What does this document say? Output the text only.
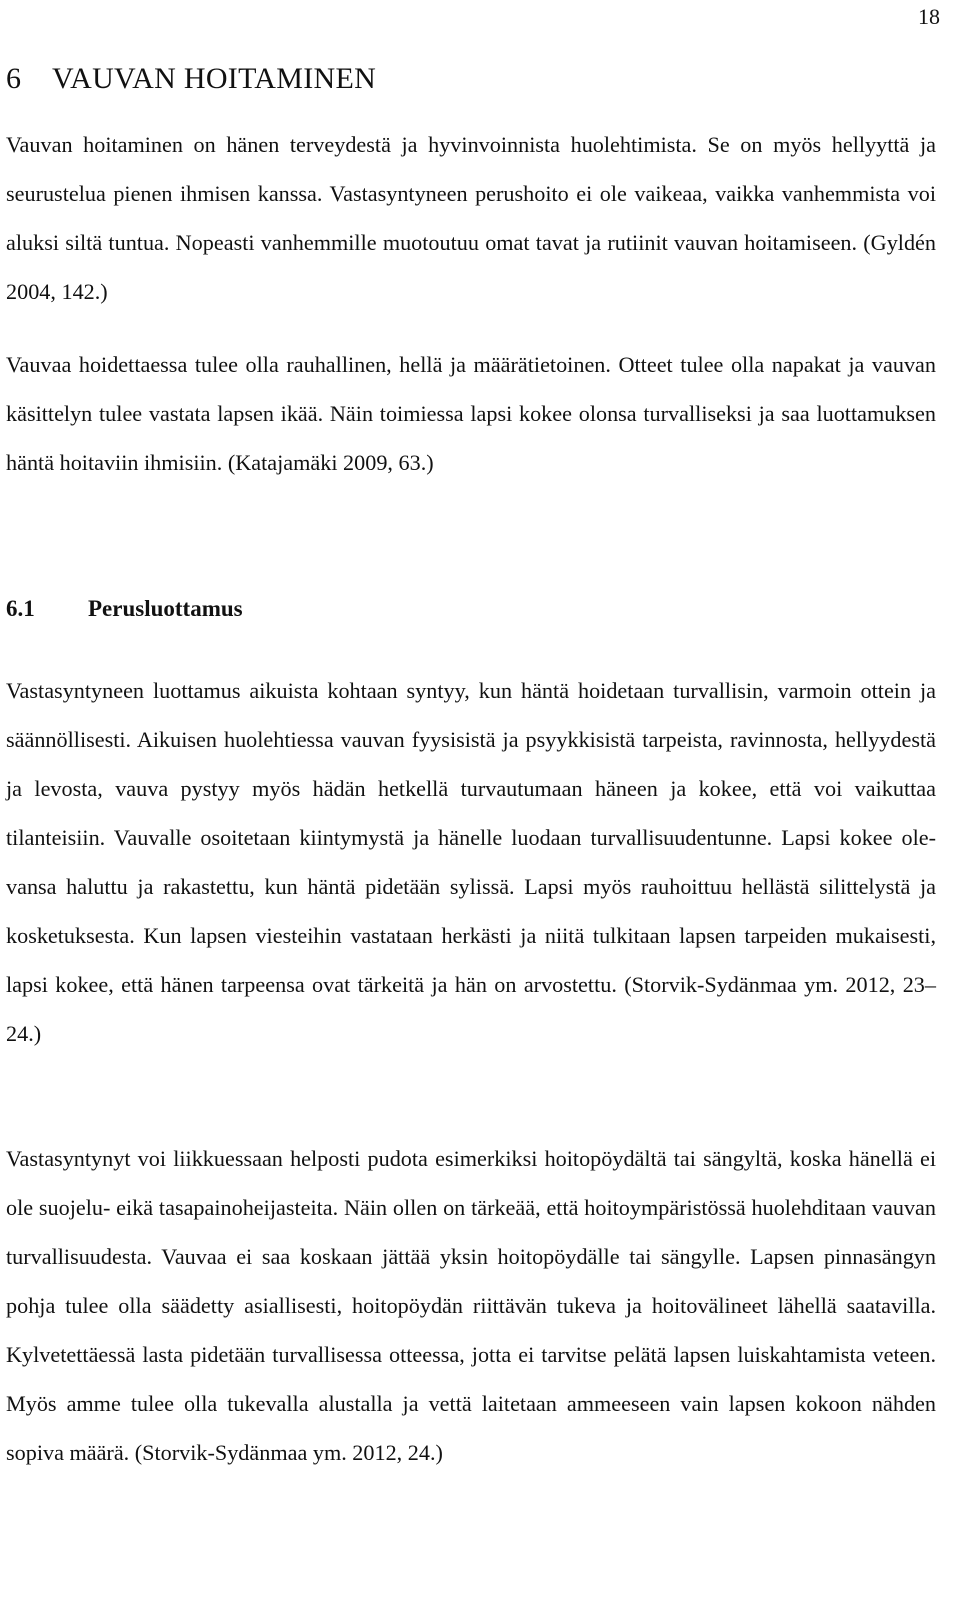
18
6 VAUVAN HOITAMINEN

Vauvan hoitaminen on hänen terveydestä ja hyvinvoinnista huolehtimista. Se on myös hellyyttä ja seurustelua pienen ihmisen kanssa. Vastasyntyneen perushoito ei ole vaikeaa, vaikka vanhemmista voi aluksi siltä tuntua. Nopeasti vanhemmille muotoutuu omat tavat ja rutiinit vauvan hoitamiseen. (Gyldén 2004, 142.)

Vauvaa hoidettaessa tulee olla rauhallinen, hellä ja määrätietoinen. Otteet tulee olla napakat ja vauvan käsittelyn tulee vastata lapsen ikää. Näin toimiessa lapsi kokee olonsa turvalliseksi ja saa luottamuksen häntä hoitaviin ihmisiin. (Katajamäki 2009, 63.)

6.1 Perusluottamus

Vastasyntyneen luottamus aikuista kohtaan syntyy, kun häntä hoidetaan turvallisin, varmoin ottein ja säännöllisesti. Aikuisen huolehtiessa vauvan fyysisistä ja psyykkisistä tarpeista, ravinnosta, hellyydestä ja levosta, vauva pystyy myös hädän hetkellä turvautumaan häneen ja kokee, että voi vaikuttaa tilanteisiin. Vauvalle osoitetaan kiintymystä ja hänelle luodaan turvallisuudentunne. Lapsi kokee olevansa haluttu ja rakastettu, kun häntä pidetään sylissä. Lapsi myös rauhoittuu hellästä silittelystä ja kosketuksesta. Kun lapsen viesteihin vastataan herkästi ja niitä tulkitaan lapsen tarpeiden mukaisesti, lapsi kokee, että hänen tarpeensa ovat tärkeitä ja hän on arvostettu. (Storvik-Sydänmaa ym. 2012, 23–24.)

Vastasyntynyt voi liikkuessaan helposti pudota esimerkiksi hoitopöydältä tai sängyltä, koska hänellä ei ole suojelu- eikä tasapainoheijasteita. Näin ollen on tärkeää, että hoitoympäristössä huolehditaan vauvan turvallisuudesta. Vauvaa ei saa koskaan jättää yksin hoitopöydälle tai sängylle. Lapsen pinnasängyn pohja tulee olla säädetty asiallisesti, hoitopöydän riittävän tukeva ja hoitovälineet lähellä saatavilla. Kylvetettäessä lasta pidetään turvallisessa otteessa, jotta ei tarvitse pelätä lapsen luiskahtamista veteen. Myös amme tulee olla tukevalla alustalla ja vettä laitetaan ammeeseen vain lapsen kokoon nähden sopiva määrä. (Storvik-Sydänmaa ym. 2012, 24.)
